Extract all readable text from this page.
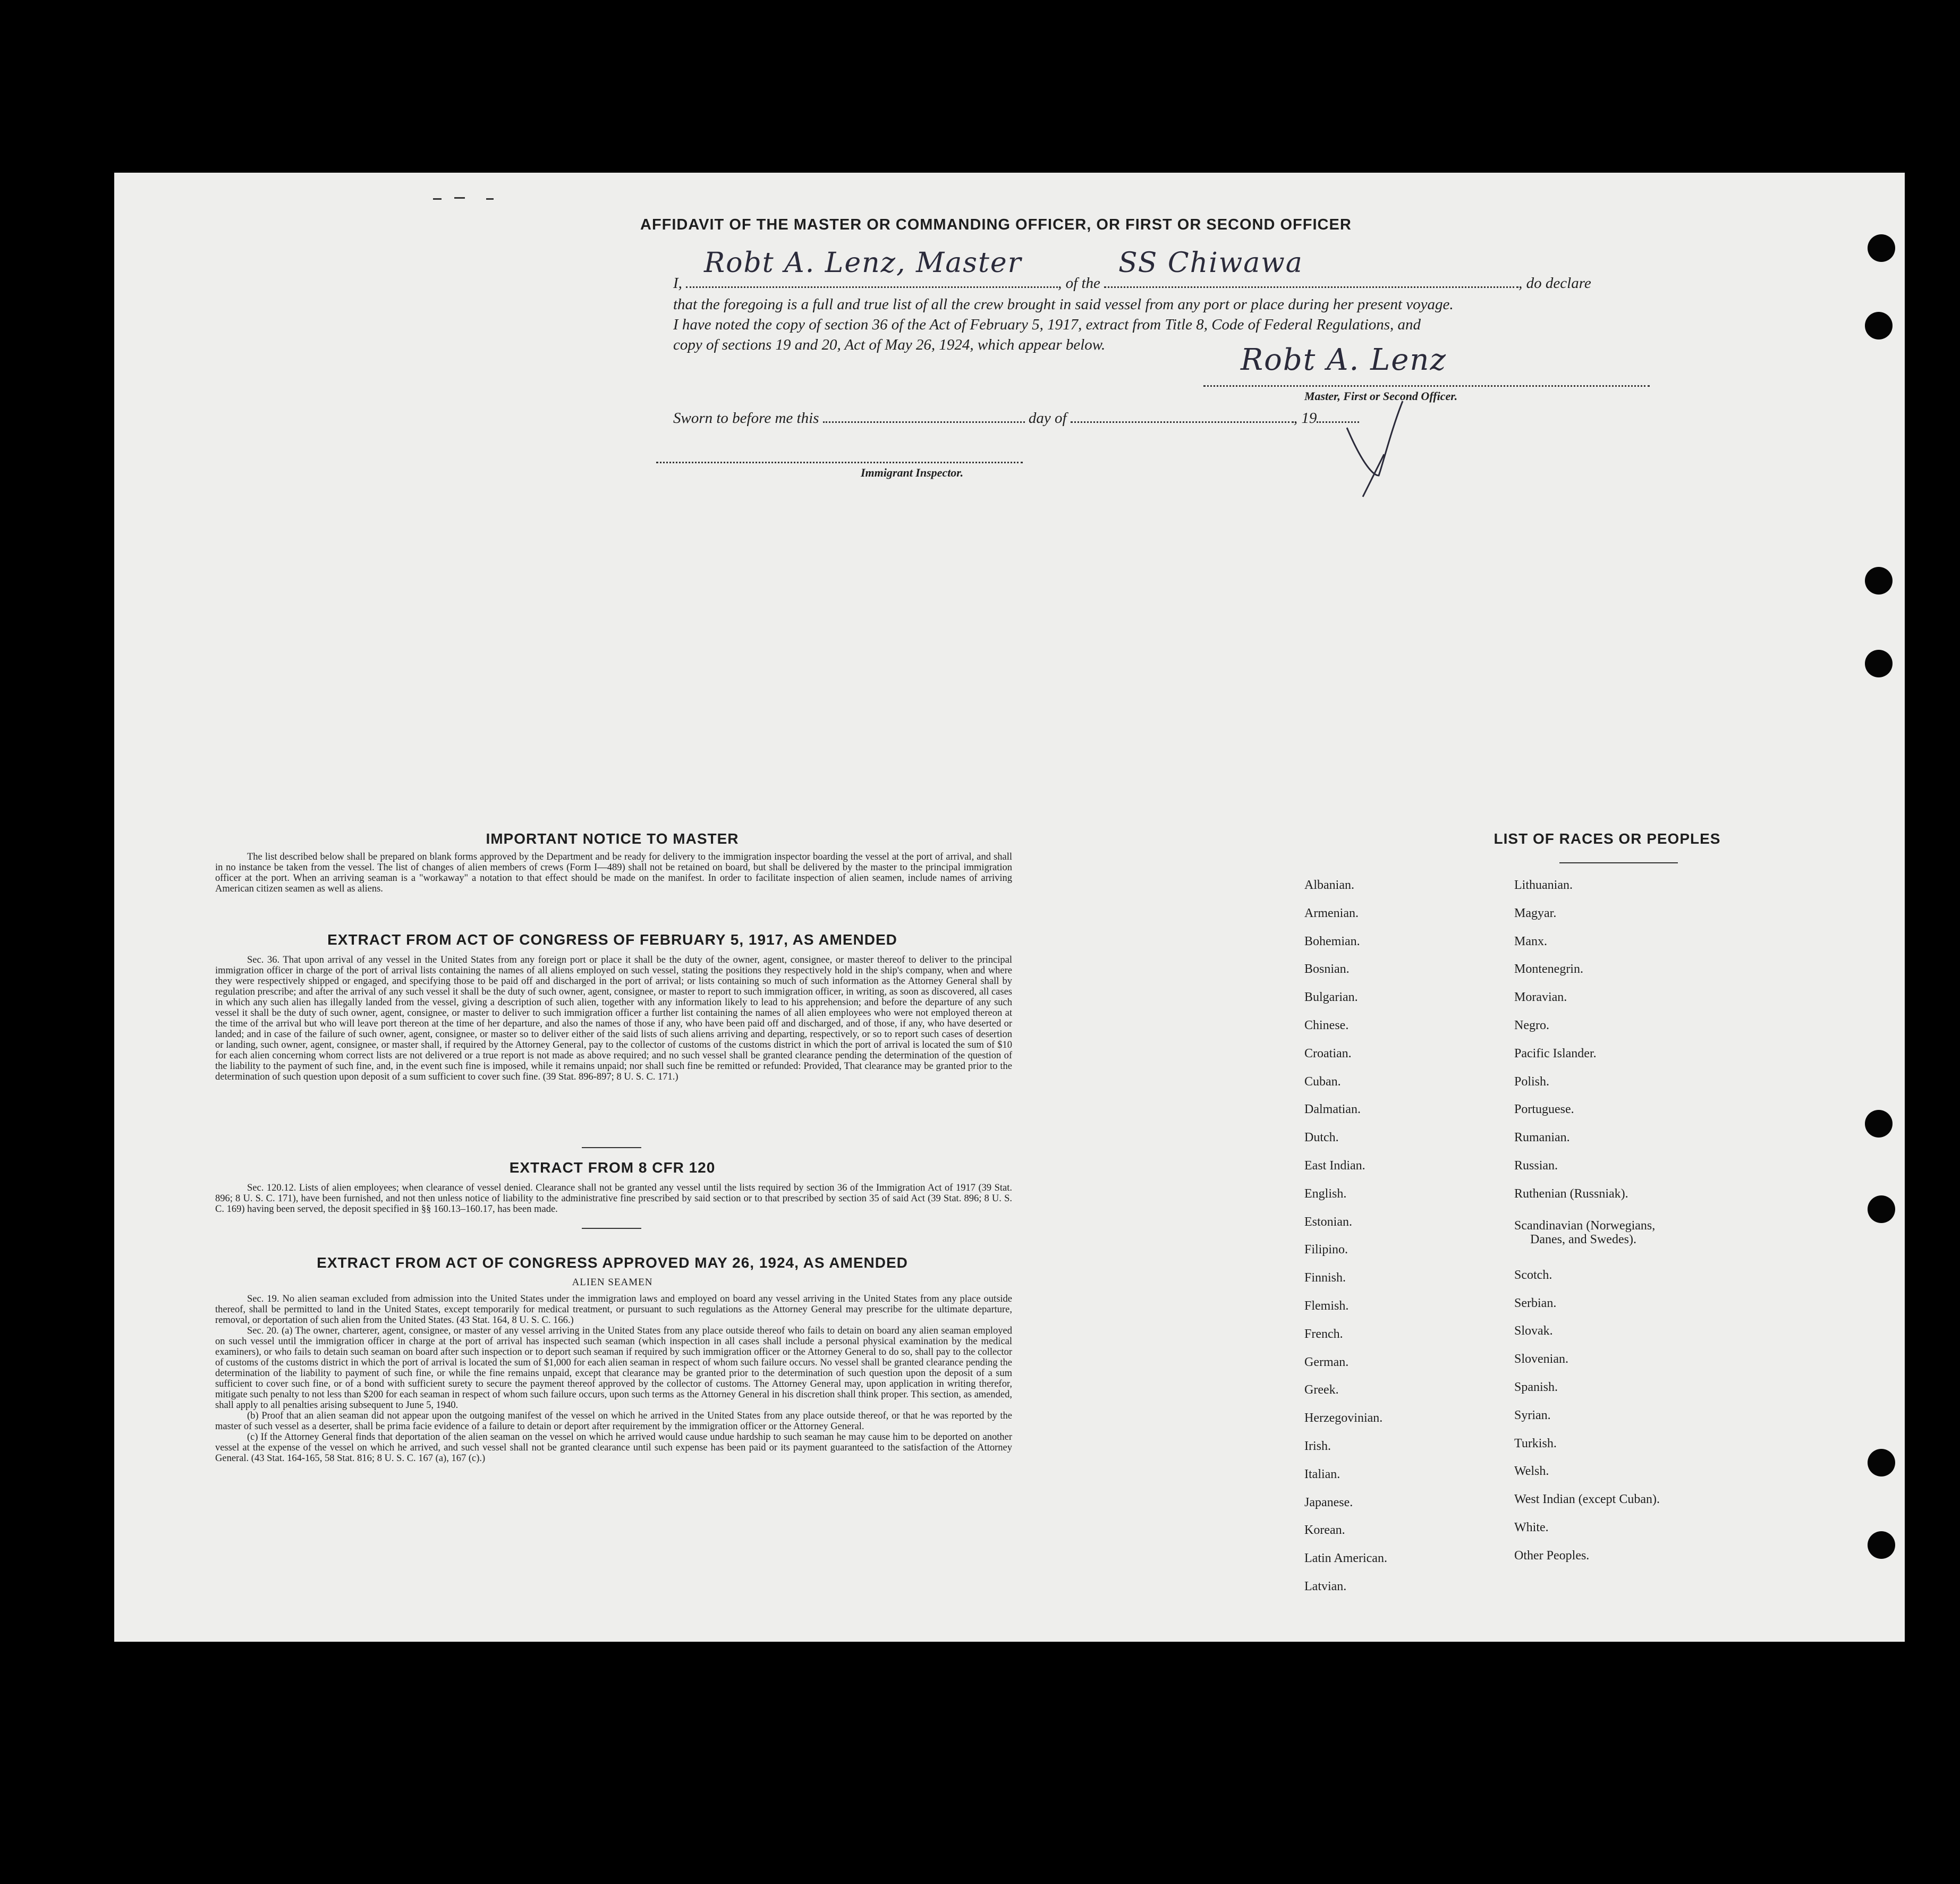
AFFIDAVIT OF THE MASTER OR COMMANDING OFFICER, OR FIRST OR SECOND OFFICER
I,	, of the	, do declare
Robt A. Lenz, Master	SS Chiwawa
that the foregoing is a full and true list of all the crew brought in said vessel from any port or place during her present voyage.
I have noted the copy of section 36 of the Act of February 5, 1917, extract from Title 8, Code of Federal Regulations, and
copy of sections 19 and 20, Act of May 26, 1924, which appear below.	Robt A. Lenz
Master, First or Second Officer.
Sworn to before me this	day of	, 19
Immigrant Inspector.
IMPORTANT NOTICE TO MASTER

The list described below shall be prepared on blank forms approved by the Department and be ready for delivery to the immigration inspector boarding the vessel at the port of arrival, and shall in no instance be taken from the vessel. The list of changes of alien members of crews (Form I—489) shall not be retained on board, but shall be delivered by the master to the principal immigration officer at the port. When an arriving seaman is a "workaway" a notation to that effect should be made on the manifest. In order to facilitate inspection of alien seamen, include names of arriving American citizen seamen as well as aliens.

EXTRACT FROM ACT OF CONGRESS OF FEBRUARY 5, 1917, AS AMENDED

Sec. 36. That upon arrival of any vessel in the United States from any foreign port or place it shall be the duty of the owner, agent, consignee, or master thereof to deliver to the principal immigration officer in charge of the port of arrival lists containing the names of all aliens employed on such vessel, stating the positions they respectively hold in the ship's company, when and where they were respectively shipped or engaged, and specifying those to be paid off and discharged in the port of arrival; or lists containing so much of such information as the Attorney General shall by regulation prescribe; and after the arrival of any such vessel it shall be the duty of such owner, agent, consignee, or master to report to such immigration officer, in writing, as soon as discovered, all cases in which any such alien has illegally landed from the vessel, giving a description of such alien, together with any information likely to lead to his apprehension; and before the departure of any such vessel it shall be the duty of such owner, agent, consignee, or master to deliver to such immigration officer a further list containing the names of all alien employees who were not employed thereon at the time of the arrival but who will leave port thereon at the time of her departure, and also the names of those if any, who have been paid off and discharged, and of those, if any, who have deserted or landed; and in case of the failure of such owner, agent, consignee, or master so to deliver either of the said lists of such aliens arriving and departing, respectively, or so to report such cases of desertion or landing, such owner, agent, consignee, or master shall, if required by the Attorney General, pay to the collector of customs of the customs district in which the port of arrival is located the sum of $10 for each alien concerning whom correct lists are not delivered or a true report is not made as above required; and no such vessel shall be granted clearance pending the determination of the question of the liability to the payment of such fine, and, in the event such fine is imposed, while it remains unpaid; nor shall such fine be remitted or refunded: Provided, That clearance may be granted prior to the determination of such question upon deposit of a sum sufficient to cover such fine. (39 Stat. 896-897; 8 U. S. C. 171.)

EXTRACT FROM 8 CFR 120

Sec. 120.12. Lists of alien employees; when clearance of vessel denied. Clearance shall not be granted any vessel until the lists required by section 36 of the Immigration Act of 1917 (39 Stat. 896; 8 U. S. C. 171), have been furnished, and not then unless notice of liability to the administrative fine prescribed by said section or to that prescribed by section 35 of said Act (39 Stat. 896; 8 U. S. C. 169) having been served, the deposit specified in §§ 160.13–160.17, has been made.

EXTRACT FROM ACT OF CONGRESS APPROVED MAY 26, 1924, AS AMENDED
ALIEN SEAMEN

Sec. 19. No alien seaman excluded from admission into the United States under the immigration laws and employed on board any vessel arriving in the United States from any place outside thereof, shall be permitted to land in the United States, except temporarily for medical treatment, or pursuant to such regulations as the Attorney General may prescribe for the ultimate departure, removal, or deportation of such alien from the United States. (43 Stat. 164, 8 U. S. C. 166.)

Sec. 20. (a) The owner, charterer, agent, consignee, or master of any vessel arriving in the United States from any place outside thereof who fails to detain on board any alien seaman employed on such vessel until the immigration officer in charge at the port of arrival has inspected such seaman (which inspection in all cases shall include a personal physical examination by the medical examiners), or who fails to detain such seaman on board after such inspection or to deport such seaman if required by such immigration officer or the Attorney General to do so, shall pay to the collector of customs of the customs district in which the port of arrival is located the sum of $1,000 for each alien seaman in respect of whom such failure occurs. No vessel shall be granted clearance pending the determination of the liability to payment of such fine, or while the fine remains unpaid, except that clearance may be granted prior to the determination of such question upon the deposit of a sum sufficient to cover such fine, or of a bond with sufficient surety to secure the payment thereof approved by the collector of customs. The Attorney General may, upon application in writing therefor, mitigate such penalty to not less than $200 for each seaman in respect of whom such failure occurs, upon such terms as the Attorney General in his discretion shall think proper. This section, as amended, shall apply to all penalties arising subsequent to June 5, 1940.

(b) Proof that an alien seaman did not appear upon the outgoing manifest of the vessel on which he arrived in the United States from any place outside thereof, or that he was reported by the master of such vessel as a deserter, shall be prima facie evidence of a failure to detain or deport after requirement by the immigration officer or the Attorney General.

(c) If the Attorney General finds that deportation of the alien seaman on the vessel on which he arrived would cause undue hardship to such seaman he may cause him to be deported on another vessel at the expense of the vessel on which he arrived, and such vessel shall not be granted clearance until such expense has been paid or its payment guaranteed to the satisfaction of the Attorney General. (43 Stat. 164-165, 58 Stat. 816; 8 U. S. C. 167 (a), 167 (c).)

LIST OF RACES OR PEOPLES
Albanian.
Armenian.
Bohemian.
Bosnian.
Bulgarian.
Chinese.
Croatian.
Cuban.
Dalmatian.
Dutch.
East Indian.
English.
Estonian.
Filipino.
Finnish.
Flemish.
French.
German.
Greek.
Herzegovinian.
Irish.
Italian.
Japanese.
Korean.
Latin American.
Latvian.
Lithuanian.
Magyar.
Manx.
Montenegrin.
Moravian.
Negro.
Pacific Islander.
Polish.
Portuguese.
Rumanian.
Russian.
Ruthenian (Russniak).
Scandinavian (Norwegians,
Danes, and Swedes).
Scotch.
Serbian.
Slovak.
Slovenian.
Spanish.
Syrian.
Turkish.
Welsh.
West Indian (except Cuban).
White.
Other Peoples.
